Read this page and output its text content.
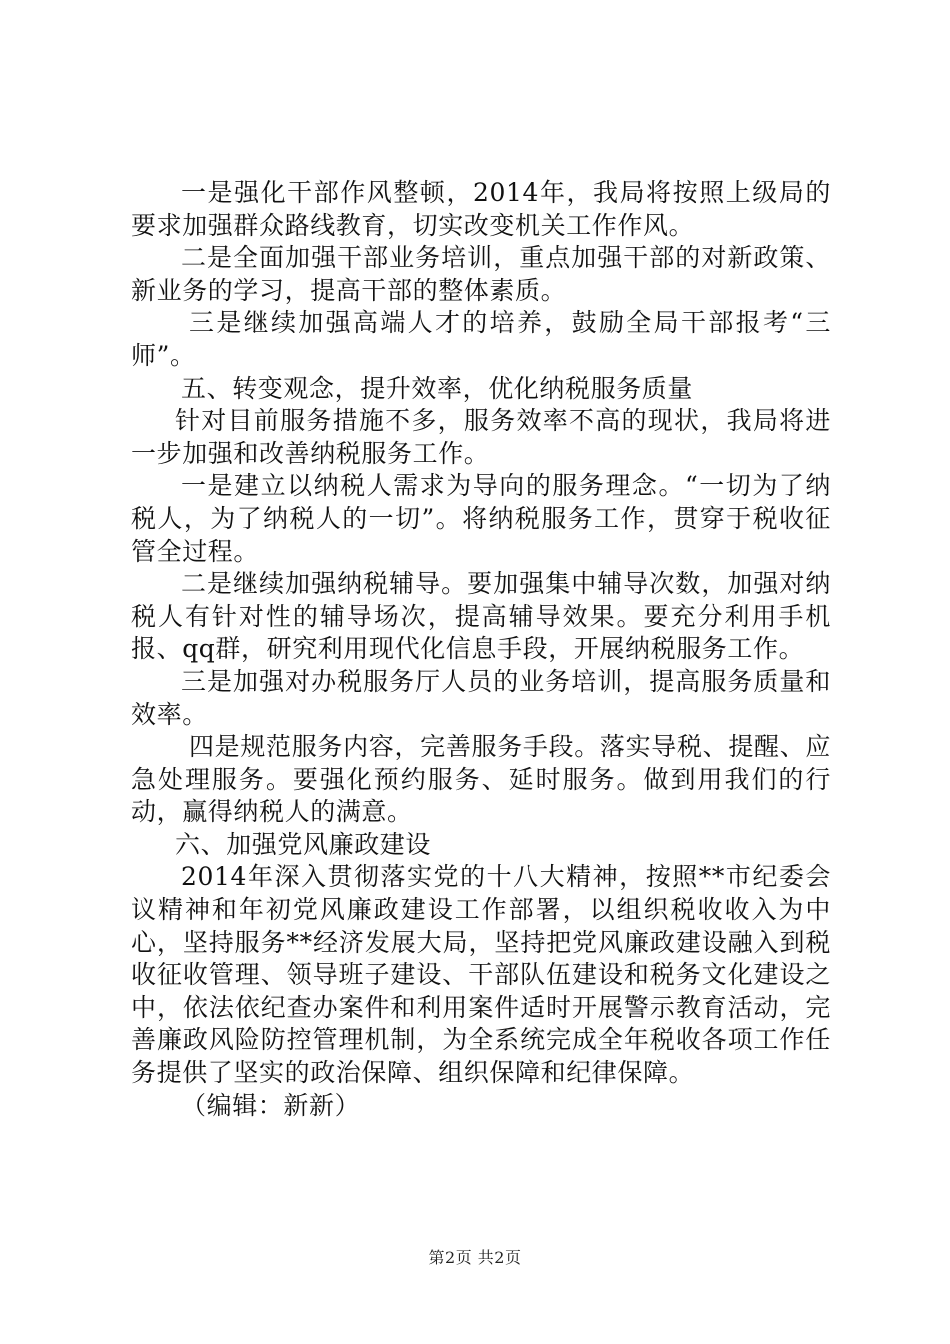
一是强化干部作风整顿，2014年，我局将按照上级局的要求加强群众路线教育，切实改变机关工作作风。

二是全面加强干部业务培训，重点加强干部的对新政策、新业务的学习，提高干部的整体素质。

三是继续加强高端人才的培养，鼓励全局干部报考“三师”。

五、转变观念，提升效率，优化纳税服务质量

针对目前服务措施不多，服务效率不高的现状，我局将进一步加强和改善纳税服务工作。

一是建立以纳税人需求为导向的服务理念。“一切为了纳税人，为了纳税人的一切”。将纳税服务工作，贯穿于税收征管全过程。

二是继续加强纳税辅导。要加强集中辅导次数，加强对纳税人有针对性的辅导场次，提高辅导效果。要充分利用手机报、qq群，研究利用现代化信息手段，开展纳税服务工作。

三是加强对办税服务厅人员的业务培训，提高服务质量和效率。

四是规范服务内容，完善服务手段。落实导税、提醒、应急处理服务。要强化预约服务、延时服务。做到用我们的行动，赢得纳税人的满意。

六、加强党风廉政建设

2014年深入贯彻落实党的十八大精神，按照**市纪委会议精神和年初党风廉政建设工作部署，以组织税收收入为中心，坚持服务**经济发展大局，坚持把党风廉政建设融入到税收征收管理、领导班子建设、干部队伍建设和税务文化建设之中，依法依纪查办案件和利用案件适时开展警示教育活动，完善廉政风险防控管理机制，为全系统完成全年税收各项工作任务提供了坚实的政治保障、组织保障和纪律保障。

（编辑：新新）

第2页 共2页
